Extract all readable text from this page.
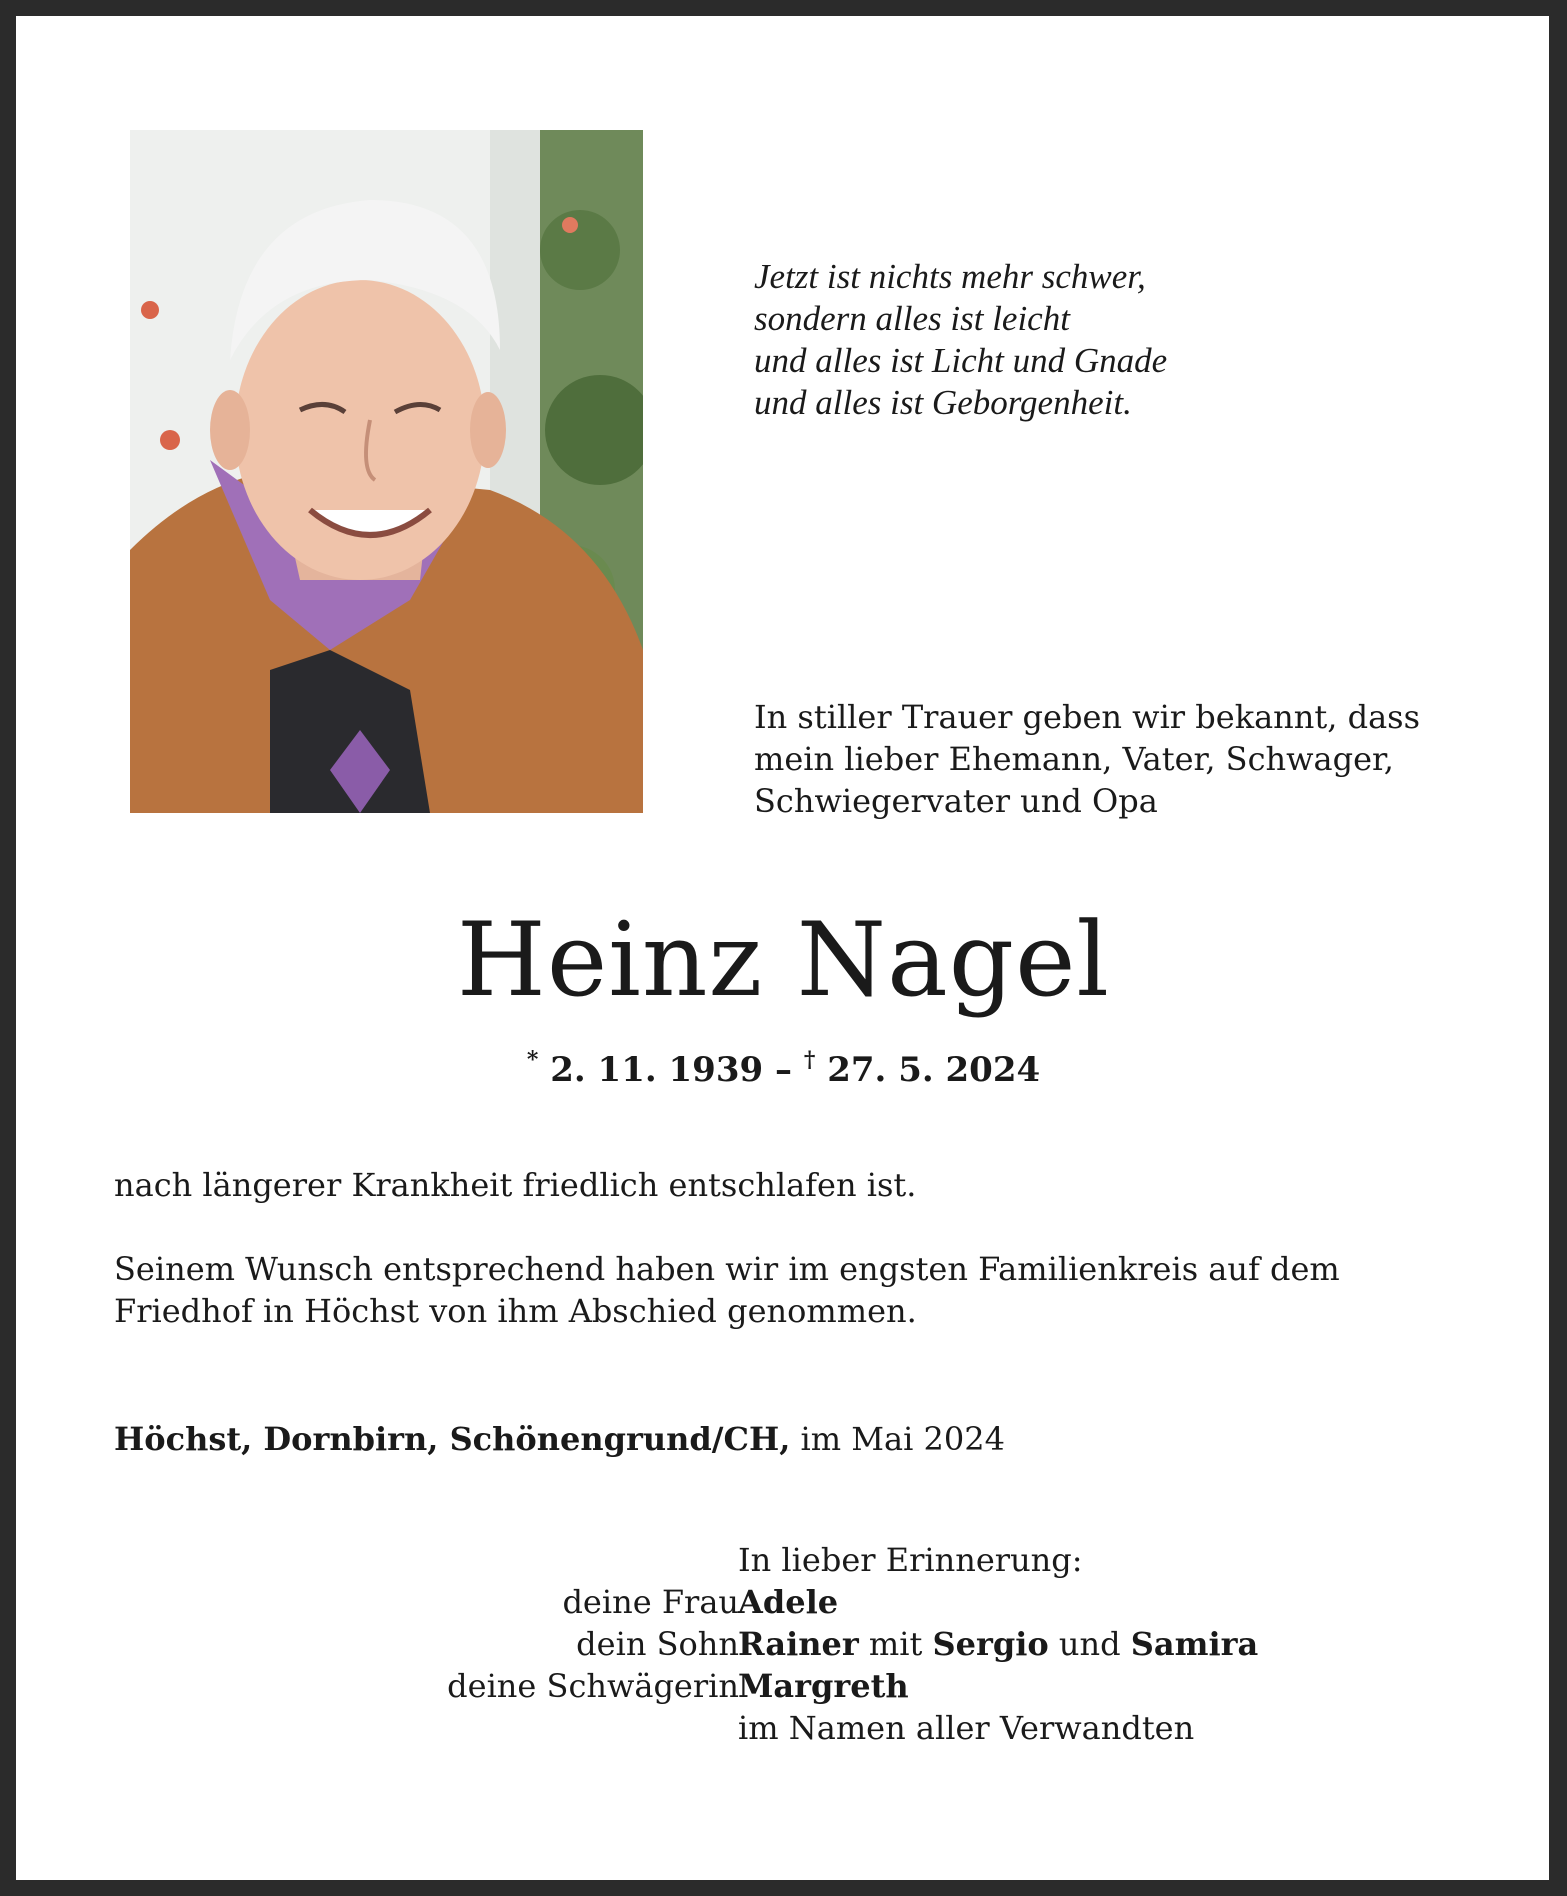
Jetzt ist nichts mehr schwer,
sondern alles ist leicht
und alles ist Licht und Gnade
und alles ist Geborgenheit.
In stiller Trauer geben wir bekannt, dass
mein lieber Ehemann, Vater, Schwager,
Schwiegervater und Opa
Heinz Nagel
* 2. 11. 1939 – † 27. 5. 2024
nach längerer Krankheit friedlich entschlafen ist.
Seinem Wunsch entsprechend haben wir im engsten Familienkreis auf dem
Friedhof in Höchst von ihm Abschied genommen.
Höchst, Dornbirn, Schönengrund/CH, im Mai 2024
In lieber Erinnerung:
deine Frau Adele
dein Sohn Rainer mit Sergio und Samira
deine Schwägerin Margreth
im Namen aller Verwandten
